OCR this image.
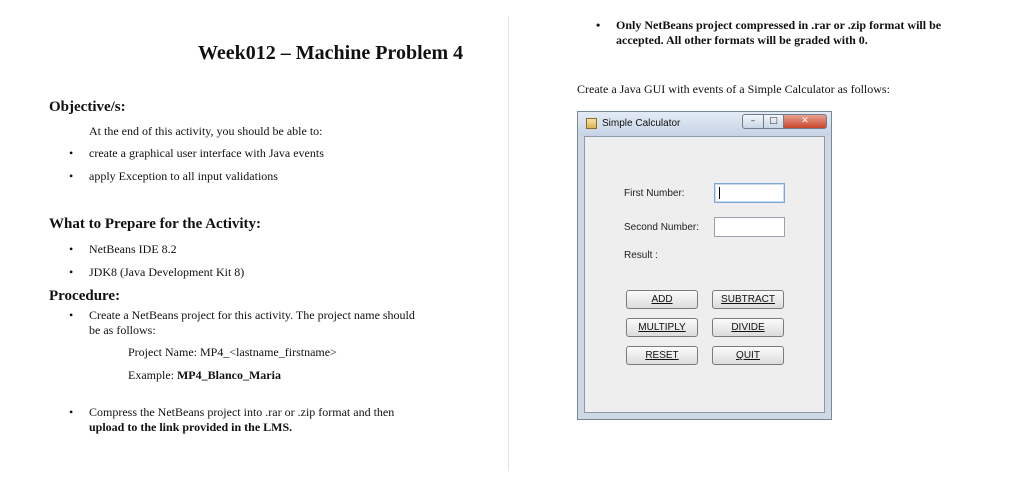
Week012 – Machine Problem 4
Objective/s:
At the end of this activity, you should be able to:
• create a graphical user interface with Java events
• apply Exception to all input validations
What to Prepare for the Activity:
• NetBeans IDE 8.2
• JDK8 (Java Development Kit 8)
Procedure:
• Create a NetBeans project for this activity. The project name should
be as follows:
Project Name: MP4_<lastname_firstname>
Example: MP4_Blanco_Maria
• Compress the NetBeans project into .rar or .zip format and then
upload to the link provided in the LMS.
• Only NetBeans project compressed in .rar or .zip format will be
accepted. All other formats will be graded with 0.
Create a Java GUI with events of a Simple Calculator as follows:
Simple Calculator	–	□	✕
First Number:
Second Number:
Result :
ADD	SUBTRACT
MULTIPLY	DIVIDE
RESET	QUIT
